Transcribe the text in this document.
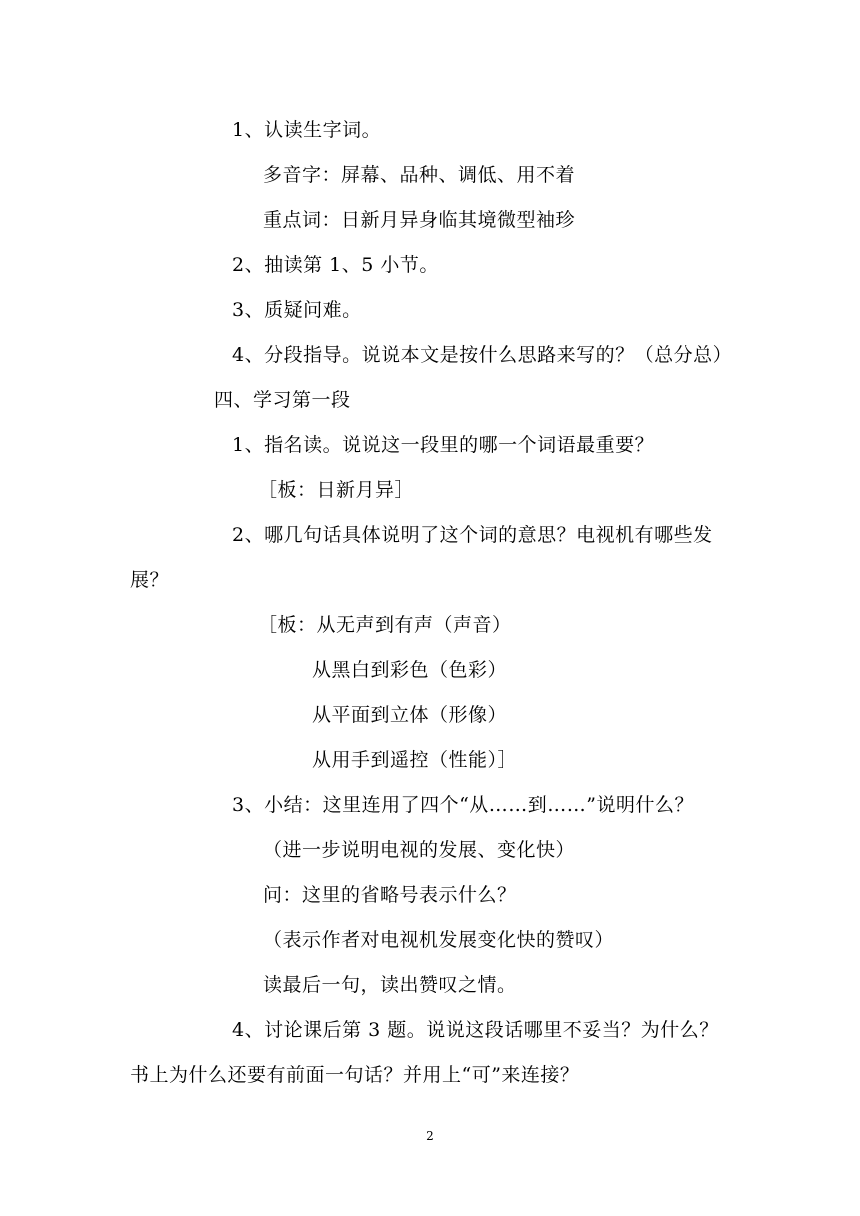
1、认读生字词。
多音字：屏幕、品种、调低、用不着
重点词：日新月异身临其境微型袖珍
2、抽读第 1、5 小节。
3、质疑问难。
4、分段指导。说说本文是按什么思路来写的？（总分总）
四、学习第一段
1、指名读。说说这一段里的哪一个词语最重要？
［板：日新月异］
2、哪几句话具体说明了这个词的意思？电视机有哪些发
展？
［板：从无声到有声（声音）
从黑白到彩色（色彩）
从平面到立体（形像）
从用手到遥控（性能）］
3、小结：这里连用了四个“从……到……”说明什么？
（进一步说明电视的发展、变化快）
问：这里的省略号表示什么？
（表示作者对电视机发展变化快的赞叹）
读最后一句，读出赞叹之情。
4、讨论课后第 3 题。说说这段话哪里不妥当？为什么？
书上为什么还要有前面一句话？并用上“可”来连接？
2
